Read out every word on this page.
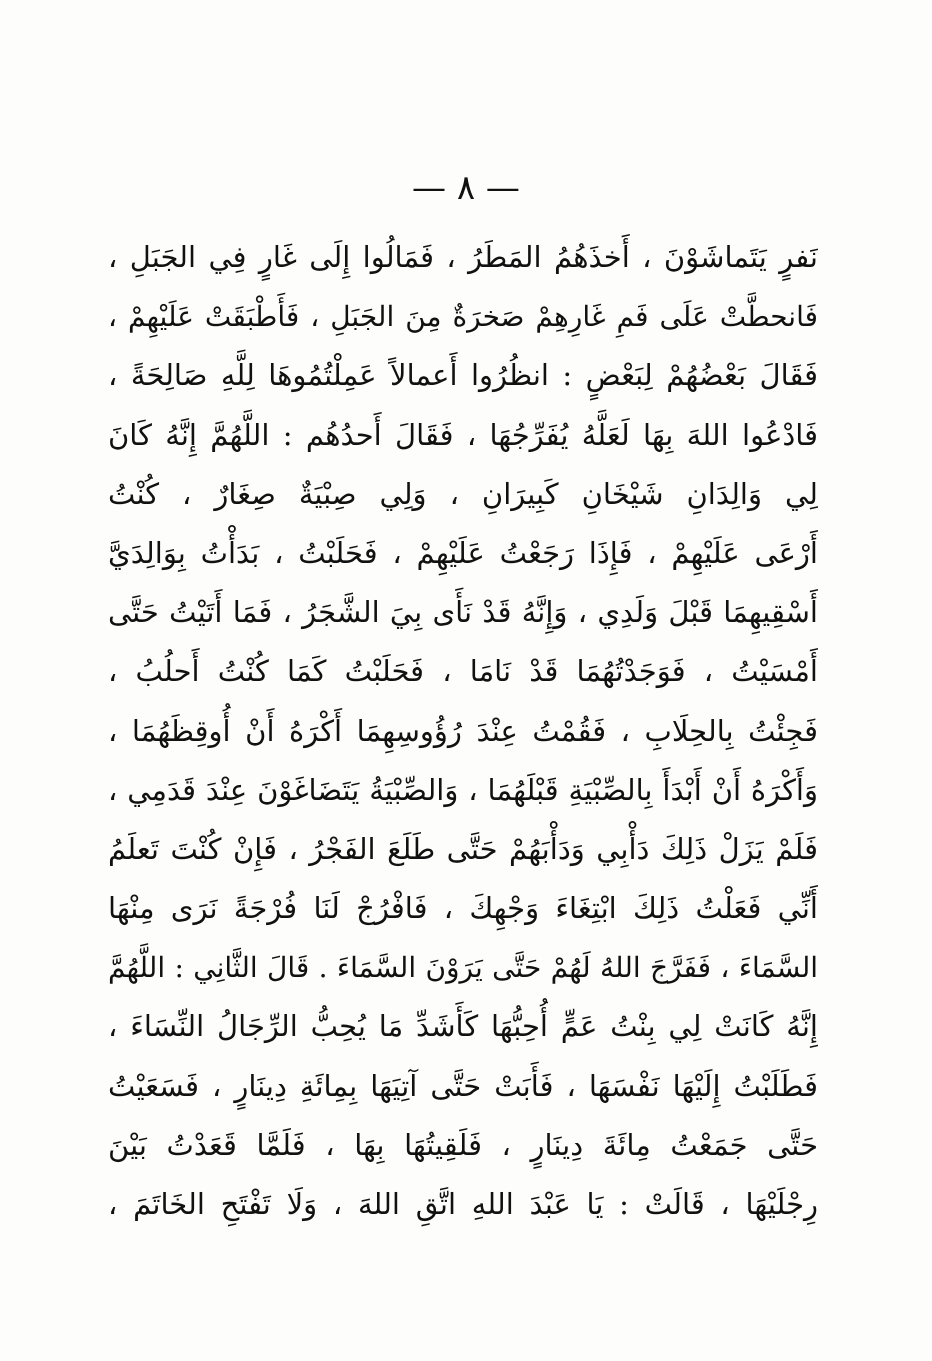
— ٨ —
نَفرٍ يَتَماشَوْنَ ، أَخذَهُمُ المَطَرُ ، فَمَالُوا إِلَى غَارٍ فِي الجَبَلِ ،
فَانحطَّتْ عَلَى فَمِ غَارِهِمْ صَخرَةٌ مِنَ الجَبَلِ ، فَأَطْبَقَتْ عَلَيْهِمْ ،
فَقَالَ بَعْضُهُمْ لِبَعْضٍ : انظُرُوا أَعمالاً عَمِلْتُمُوهَا لِلَّهِ صَالِحَةً ،
فَادْعُوا اللهَ بِهَا لَعَلَّهُ يُفَرِّجُهَا ، فَقَالَ أَحدُهُم : اللَّهُمَّ إِنَّهُ كَانَ
لِي وَالِدَانِ شَيْخَانِ كَبِيرَانِ ، وَلِي صِبْيَةٌ صِغَارٌ ، كُنْتُ
أَرْعَى عَلَيْهِمْ ، فَإِذَا رَجَعْتُ عَلَيْهِمْ ، فَحَلَبْتُ ، بَدَأْتُ بِوَالِدَيَّ
أَسْقِيهِمَا قَبْلَ وَلَدِي ، وَإِنَّهُ قَدْ نَأَى بِيَ الشَّجَرُ ، فَمَا أَتَيْتُ حَتَّى
أَمْسَيْتُ ، فَوَجَدْتُهُمَا قَدْ نَامَا ، فَحَلَبْتُ كَمَا كُنْتُ أَحلُبُ ،
فَجِئْتُ بِالحِلَابِ ، فَقُمْتُ عِنْدَ رُؤُوسِهِمَا أَكْرَهُ أَنْ أُوقِظَهُمَا ،
وَأَكْرَهُ أَنْ أَبْدَأَ بِالصِّبْيَةِ قَبْلَهُمَا ، وَالصِّبْيَةُ يَتَضَاغَوْنَ عِنْدَ قَدَمِي ،
فَلَمْ يَزَلْ ذَلِكَ دَأْبِي وَدَأْبَهُمْ حَتَّى طَلَعَ الفَجْرُ ، فَإِنْ كُنْتَ تَعلَمُ
أَنِّي فَعَلْتُ ذَلِكَ ابْتِغَاءَ وَجْهِكَ ، فَافْرُجْ لَنَا فُرْجَةً نَرَى مِنْهَا
السَّمَاءَ ، فَفَرَّجَ اللهُ لَهُمْ حَتَّى يَرَوْنَ السَّمَاءَ . قَالَ الثَّانِي : اللَّهُمَّ
إِنَّهُ كَانَتْ لِي بِنْتُ عَمٍّ أُحِبُّهَا كَأَشَدِّ مَا يُحِبُّ الرِّجَالُ النِّسَاءَ ،
فَطَلَبْتُ إِلَيْهَا نَفْسَهَا ، فَأَبَتْ حَتَّى آتِيَهَا بِمِائَةِ دِينَارٍ ، فَسَعَيْتُ
حَتَّى جَمَعْتُ مِائَةَ دِينَارٍ ، فَلَقِيتُهَا بِهَا ، فَلَمَّا قَعَدْتُ بَيْنَ
رِجْلَيْهَا ، قَالَتْ : يَا عَبْدَ اللهِ اتَّقِ اللهَ ، وَلَا تَفْتَحِ الخَاتَمَ ،
